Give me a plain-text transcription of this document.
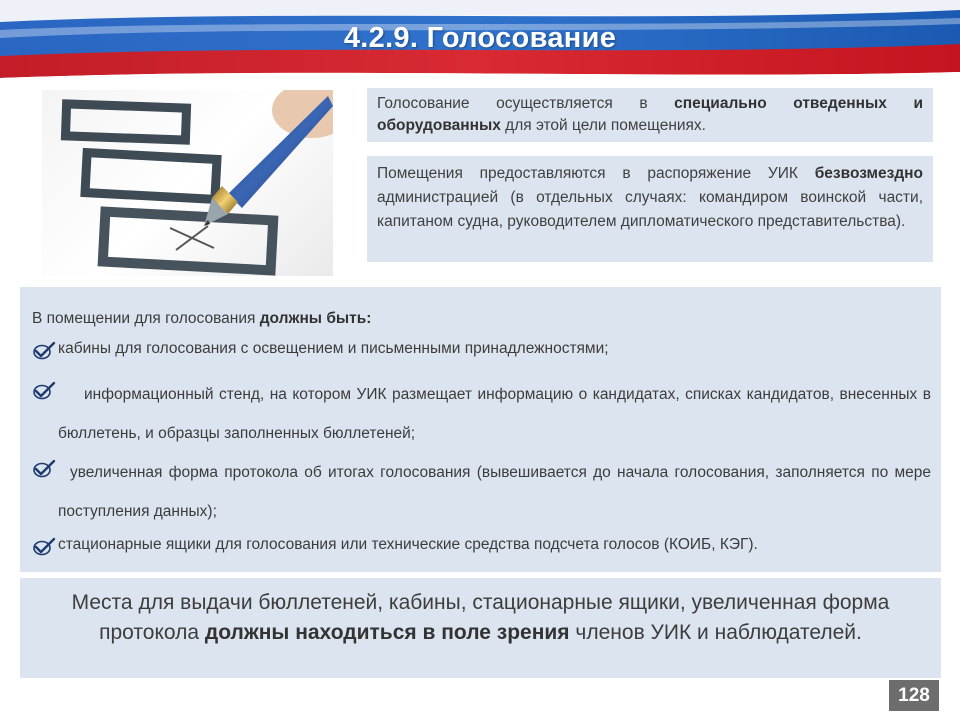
4.2.9. Голосование
Голосование осуществляется в специально отведенных и оборудованных для этой цели помещениях.
Помещения предоставляются в распоряжение УИК безвозмездно администрацией (в отдельных случаях: командиром воинской части, капитаном судна, руководителем дипломатического представительства).
В помещении для голосования должны быть:
кабины для голосования с освещением и письменными принадлежностями;
информационный стенд, на котором УИК размещает информацию о кандидатах, списках кандидатов, внесенных в бюллетень, и образцы заполненных бюллетеней;
увеличенная форма протокола об итогах голосования (вывешивается до начала голосования, заполняется по мере поступления данных);
стационарные ящики для голосования или технические средства подсчета голосов (КОИБ, КЭГ).
Места для выдачи бюллетеней, кабины, стационарные ящики, увеличенная форма протокола должны находиться в поле зрения членов УИК и наблюдателей.
128
